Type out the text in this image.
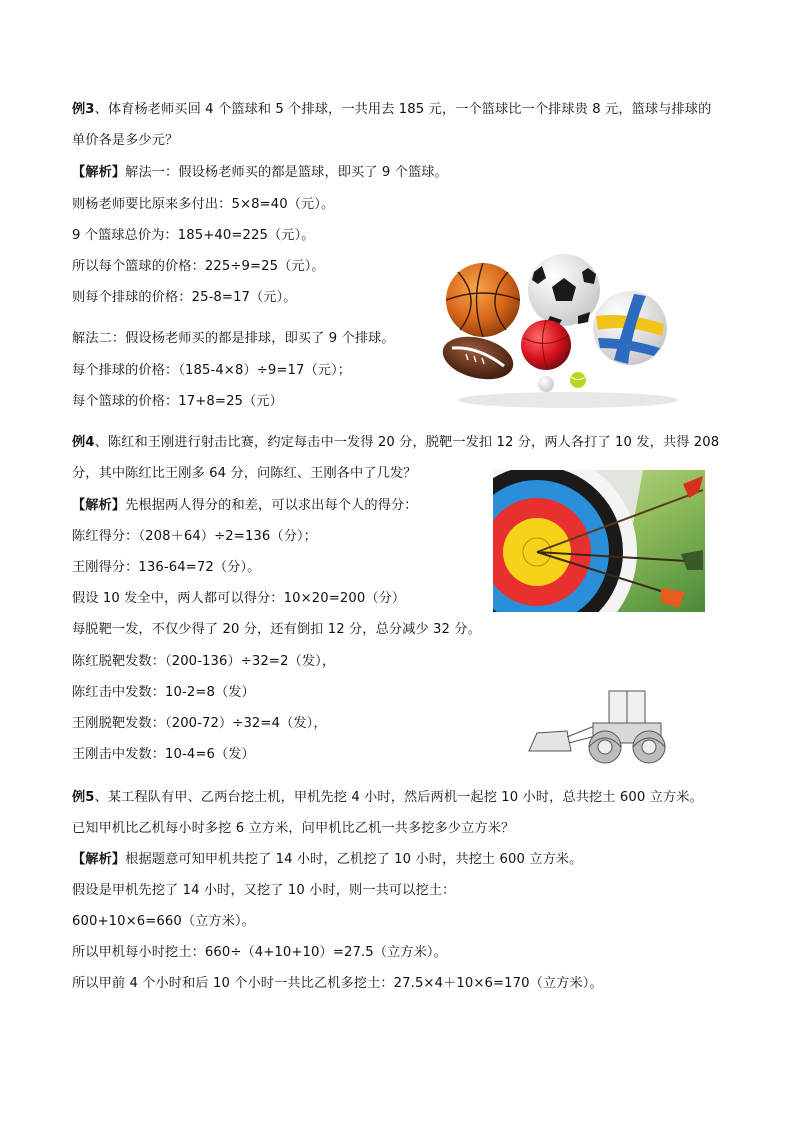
例3、体育杨老师买回 4 个篮球和 5 个排球，一共用去 185 元，一个篮球比一个排球贵 8 元，篮球与排球的
单价各是多少元？
【解析】解法一：假设杨老师买的都是篮球，即买了 9 个篮球。
则杨老师要比原来多付出：5×8=40（元）。
9 个篮球总价为：185+40=225（元）。
所以每个篮球的价格：225÷9=25（元）。
则每个排球的价格：25-8=17（元）。
解法二：假设杨老师买的都是排球，即买了 9 个排球。
每个排球的价格：（185-4×8）÷9=17（元）；
每个篮球的价格：17+8=25（元）
例4、陈红和王刚进行射击比赛，约定每击中一发得 20 分，脱靶一发扣 12 分，两人各打了 10 发，共得 208
分，其中陈红比王刚多 64 分，问陈红、王刚各中了几发？
【解析】先根据两人得分的和差，可以求出每个人的得分：
陈红得分：（208＋64）÷2=136（分）；
王刚得分：136-64=72（分）。
假设 10 发全中，两人都可以得分：10×20=200（分）
每脱靶一发，不仅少得了 20 分，还有倒扣 12 分，总分减少 32 分。
陈红脱靶发数：（200-136）÷32=2（发），
陈红击中发数：10-2=8（发）
王刚脱靶发数：（200-72）÷32=4（发），
王刚击中发数：10-4=6（发）
例5、某工程队有甲、乙两台挖土机，甲机先挖 4 小时，然后两机一起挖 10 小时，总共挖土 600 立方米。
已知甲机比乙机每小时多挖 6 立方米，问甲机比乙机一共多挖多少立方米？
【解析】根据题意可知甲机共挖了 14 小时，乙机挖了 10 小时，共挖土 600 立方米。
假设是甲机先挖了 14 小时，又挖了 10 小时，则一共可以挖土：
600+10×6=660（立方米）。
所以甲机每小时挖土：660÷（4+10+10）=27.5（立方米）。
所以甲前 4 个小时和后 10 个小时一共比乙机多挖土：27.5×4＋10×6=170（立方米）。
